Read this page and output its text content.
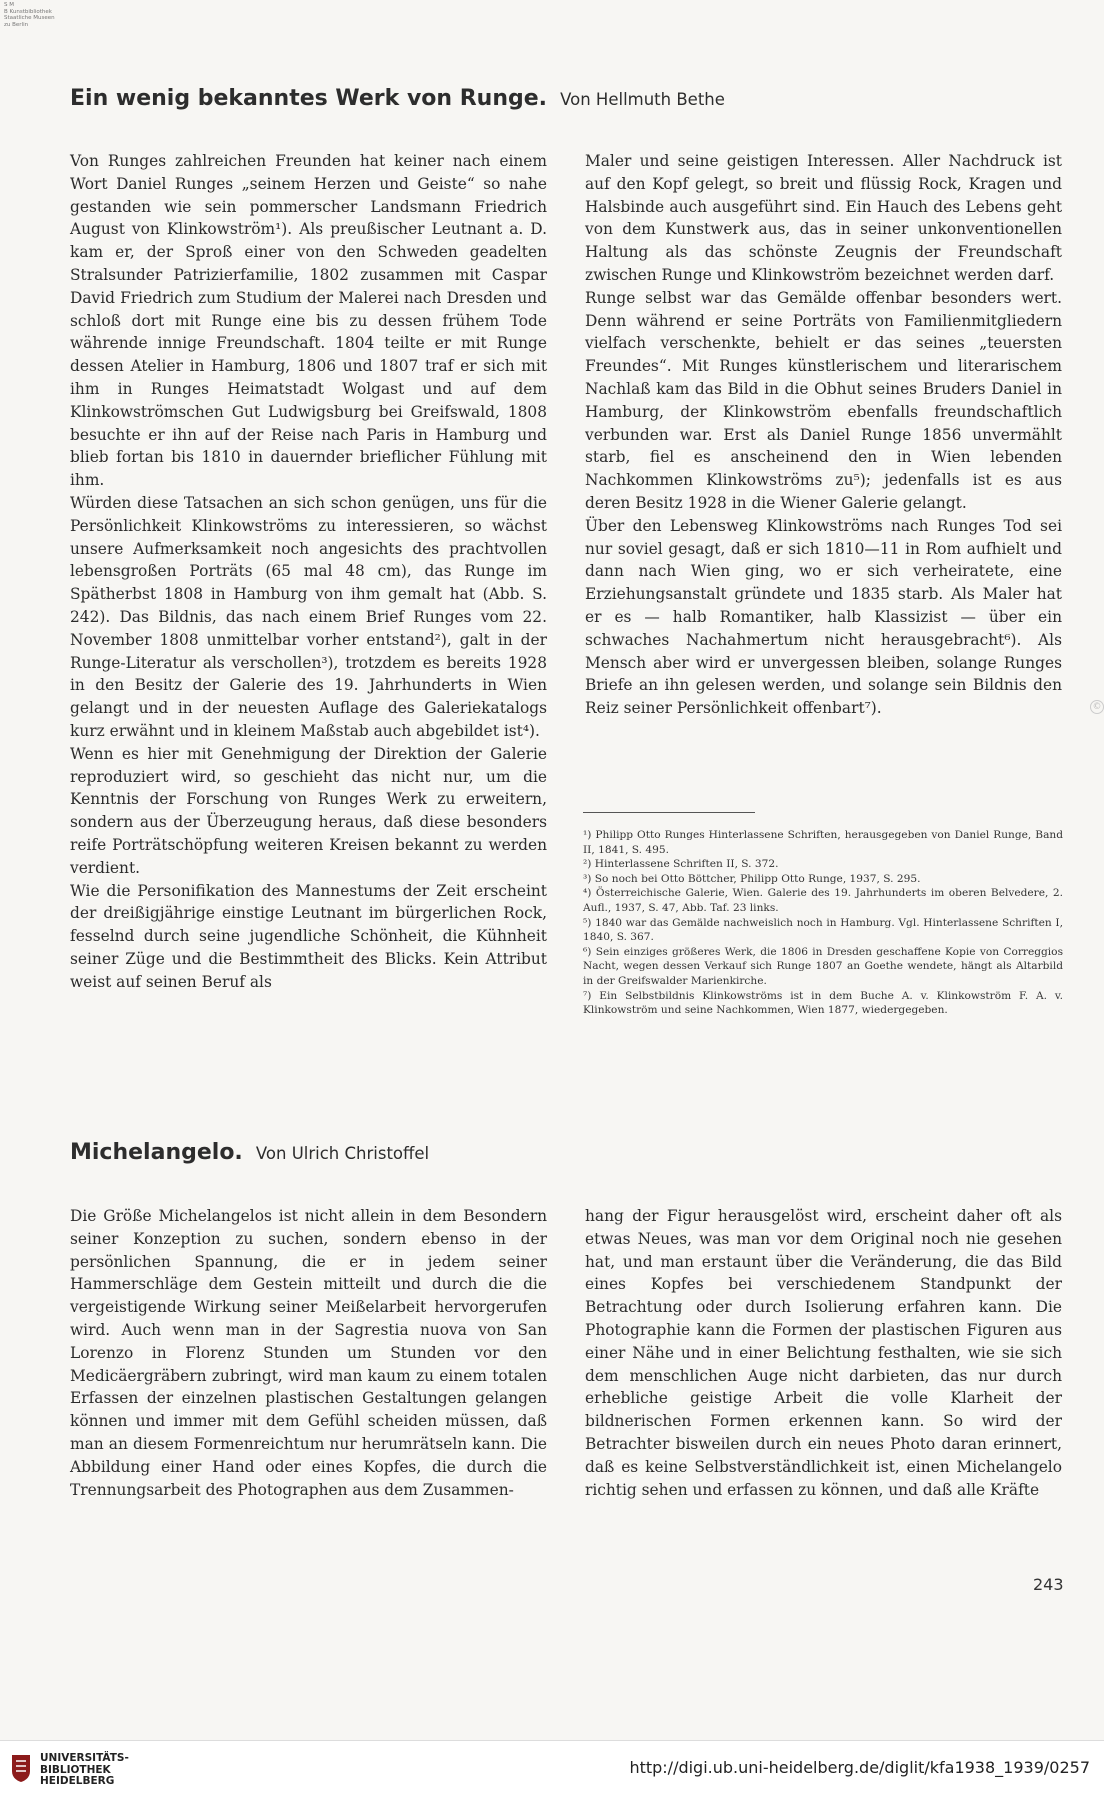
S M
B Kunstbibliothek
Staatliche Museen
zu Berlin
Ein wenig bekanntes Werk von Runge. Von Hellmuth Bethe

Von Runges zahlreichen Freunden hat keiner nach einem Wort Daniel Runges „seinem Herzen und Geiste“ so nahe gestanden wie sein pommerscher Landsmann Friedrich August von Klinkowström¹). Als preußischer Leutnant a. D. kam er, der Sproß einer von den Schweden geadelten Stralsunder Patrizierfamilie, 1802 zusammen mit Caspar David Friedrich zum Studium der Malerei nach Dresden und schloß dort mit Runge eine bis zu dessen frühem Tode währende innige Freundschaft. 1804 teilte er mit Runge dessen Atelier in Hamburg, 1806 und 1807 traf er sich mit ihm in Runges Heimatstadt Wolgast und auf dem Klinkowströmschen Gut Ludwigsburg bei Greifswald, 1808 besuchte er ihn auf der Reise nach Paris in Hamburg und blieb fortan bis 1810 in dauernder brieflicher Fühlung mit ihm.

Würden diese Tatsachen an sich schon genügen, uns für die Persönlichkeit Klinkowströms zu interessieren, so wächst unsere Aufmerksamkeit noch angesichts des prachtvollen lebensgroßen Porträts (65 mal 48 cm), das Runge im Spätherbst 1808 in Hamburg von ihm gemalt hat (Abb. S. 242). Das Bildnis, das nach einem Brief Runges vom 22. November 1808 unmittelbar vorher entstand²), galt in der Runge-Literatur als verschollen³), trotzdem es bereits 1928 in den Besitz der Galerie des 19. Jahrhunderts in Wien gelangt und in der neuesten Auflage des Galeriekatalogs kurz erwähnt und in kleinem Maßstab auch abgebildet ist⁴).

Wenn es hier mit Genehmigung der Direktion der Galerie reproduziert wird, so geschieht das nicht nur, um die Kenntnis der Forschung von Runges Werk zu erweitern, sondern aus der Überzeugung heraus, daß diese besonders reife Porträtschöpfung weiteren Kreisen bekannt zu werden verdient.

Wie die Personifikation des Mannestums der Zeit erscheint der dreißigjährige einstige Leutnant im bürgerlichen Rock, fesselnd durch seine jugendliche Schönheit, die Kühnheit seiner Züge und die Bestimmtheit des Blicks. Kein Attribut weist auf seinen Beruf als

Maler und seine geistigen Interessen. Aller Nachdruck ist auf den Kopf gelegt, so breit und flüssig Rock, Kragen und Halsbinde auch ausgeführt sind. Ein Hauch des Lebens geht von dem Kunstwerk aus, das in seiner unkonventionellen Haltung als das schönste Zeugnis der Freundschaft zwischen Runge und Klinkowström bezeichnet werden darf.

Runge selbst war das Gemälde offenbar besonders wert. Denn während er seine Porträts von Familienmitgliedern vielfach verschenkte, behielt er das seines „teuersten Freundes“. Mit Runges künstlerischem und literarischem Nachlaß kam das Bild in die Obhut seines Bruders Daniel in Hamburg, der Klinkowström ebenfalls freundschaftlich verbunden war. Erst als Daniel Runge 1856 unvermählt starb, fiel es anscheinend den in Wien lebenden Nachkommen Klinkowströms zu⁵); jedenfalls ist es aus deren Besitz 1928 in die Wiener Galerie gelangt.

Über den Lebensweg Klinkowströms nach Runges Tod sei nur soviel gesagt, daß er sich 1810—11 in Rom aufhielt und dann nach Wien ging, wo er sich verheiratete, eine Erziehungsanstalt gründete und 1835 starb. Als Maler hat er es — halb Romantiker, halb Klassizist — über ein schwaches Nachahmertum nicht herausgebracht⁶). Als Mensch aber wird er unvergessen bleiben, solange Runges Briefe an ihn gelesen werden, und solange sein Bildnis den Reiz seiner Persönlichkeit offenbart⁷).	©

¹) Philipp Otto Runges Hinterlassene Schriften, herausgegeben von Daniel Runge, Band II, 1841, S. 495.

²) Hinterlassene Schriften II, S. 372.

³) So noch bei Otto Böttcher, Philipp Otto Runge, 1937, S. 295.

⁴) Österreichische Galerie, Wien. Galerie des 19. Jahrhunderts im oberen Belvedere, 2. Aufl., 1937, S. 47, Abb. Taf. 23 links.

⁵) 1840 war das Gemälde nachweislich noch in Hamburg. Vgl. Hinterlassene Schriften I, 1840, S. 367.

⁶) Sein einziges größeres Werk, die 1806 in Dresden geschaffene Kopie von Correggios Nacht, wegen dessen Verkauf sich Runge 1807 an Goethe wendete, hängt als Altarbild in der Greifswalder Marienkirche.

⁷) Ein Selbstbildnis Klinkowströms ist in dem Buche A. v. Klinkowström F. A. v. Klinkowström und seine Nachkommen, Wien 1877, wiedergegeben.

Michelangelo. Von Ulrich Christoffel

Die Größe Michelangelos ist nicht allein in dem Besondern seiner Konzeption zu suchen, sondern ebenso in der persönlichen Spannung, die er in jedem seiner Hammerschläge dem Gestein mitteilt und durch die die vergeistigende Wirkung seiner Meißelarbeit hervorgerufen wird. Auch wenn man in der Sagrestia nuova von San Lorenzo in Florenz Stunden um Stunden vor den Medicäergräbern zubringt, wird man kaum zu einem totalen Erfassen der einzelnen plastischen Gestaltungen gelangen können und immer mit dem Gefühl scheiden müssen, daß man an diesem Formenreichtum nur herumrätseln kann. Die Abbildung einer Hand oder eines Kopfes, die durch die Trennungsarbeit des Photographen aus dem Zusammen-

hang der Figur herausgelöst wird, erscheint daher oft als etwas Neues, was man vor dem Original noch nie gesehen hat, und man erstaunt über die Veränderung, die das Bild eines Kopfes bei verschiedenem Standpunkt der Betrachtung oder durch Isolierung erfahren kann. Die Photographie kann die Formen der plastischen Figuren aus einer Nähe und in einer Belichtung festhalten, wie sie sich dem menschlichen Auge nicht darbieten, das nur durch erhebliche geistige Arbeit die volle Klarheit der bildnerischen Formen erkennen kann. So wird der Betrachter bisweilen durch ein neues Photo daran erinnert, daß es keine Selbstverständlichkeit ist, einen Michelangelo richtig sehen und erfassen zu können, und daß alle Kräfte

243
UNIVERSITÄTS-
BIBLIOTHEK
HEIDELBERG
http://digi.ub.uni-heidelberg.de/diglit/kfa1938_1939/0257
